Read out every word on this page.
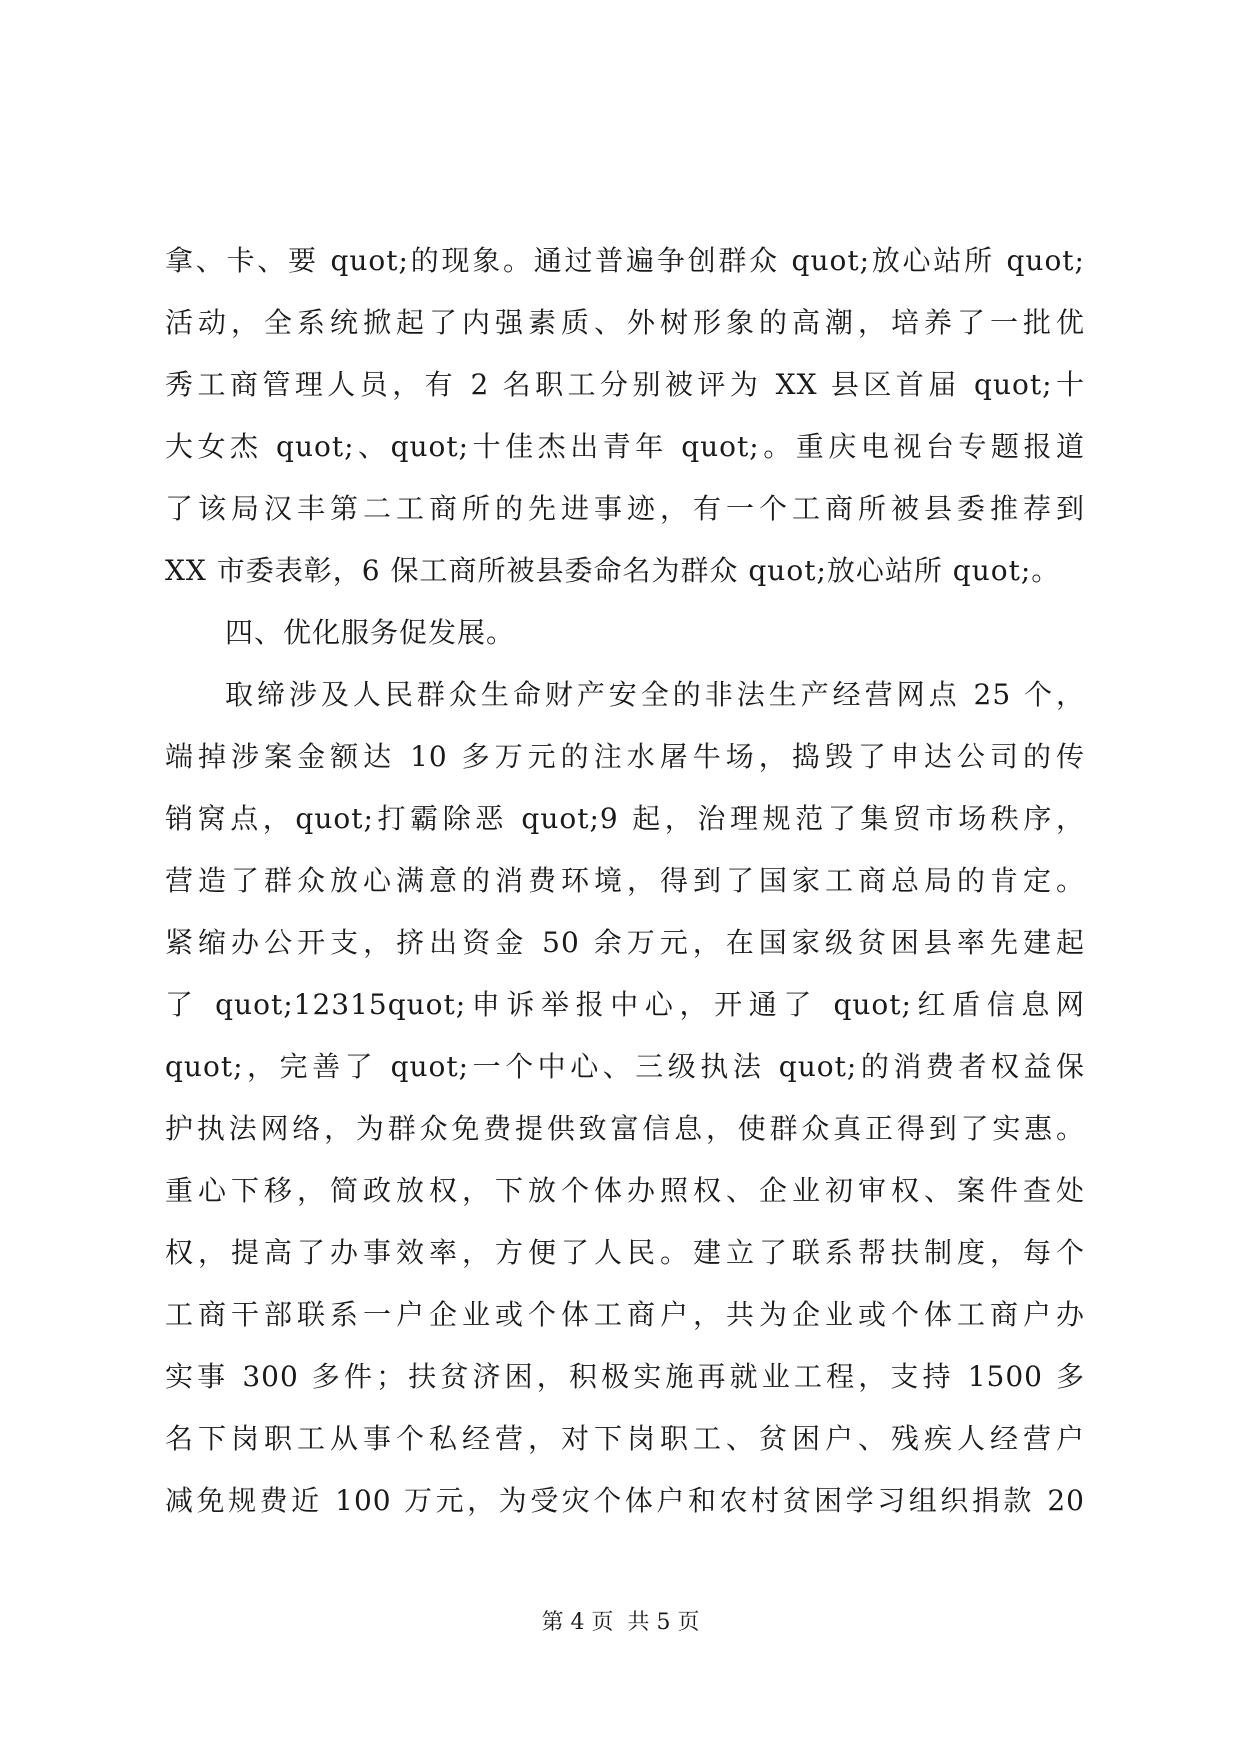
拿、卡、要 quot;的现象。通过普遍争创群众 quot;放心站所 quot;
活动，全系统掀起了内强素质、外树形象的高潮，培养了一批优
秀工商管理人员，有 2 名职工分别被评为 XX 县区首届 quot;十
大女杰 quot;、quot;十佳杰出青年 quot;。重庆电视台专题报道
了该局汉丰第二工商所的先进事迹，有一个工商所被县委推荐到
XX 市委表彰，6 保工商所被县委命名为群众 quot;放心站所 quot;。
四、优化服务促发展。
取缔涉及人民群众生命财产安全的非法生产经营网点 25 个，
端掉涉案金额达 10 多万元的注水屠牛场，捣毁了申达公司的传
销窝点，quot;打霸除恶 quot;9 起，治理规范了集贸市场秩序，
营造了群众放心满意的消费环境，得到了国家工商总局的肯定。
紧缩办公开支，挤出资金 50 余万元，在国家级贫困县率先建起
了 quot;12315quot;申诉举报中心，开通了 quot;红盾信息网
quot;，完善了 quot;一个中心、三级执法 quot;的消费者权益保
护执法网络，为群众免费提供致富信息，使群众真正得到了实惠。
重心下移，简政放权，下放个体办照权、企业初审权、案件查处
权，提高了办事效率，方便了人民。建立了联系帮扶制度，每个
工商干部联系一户企业或个体工商户，共为企业或个体工商户办
实事 300 多件；扶贫济困，积极实施再就业工程，支持 1500 多
名下岗职工从事个私经营，对下岗职工、贫困户、残疾人经营户
减免规费近 100 万元，为受灾个体户和农村贫困学习组织捐款 20
第 4 页  共 5 页
